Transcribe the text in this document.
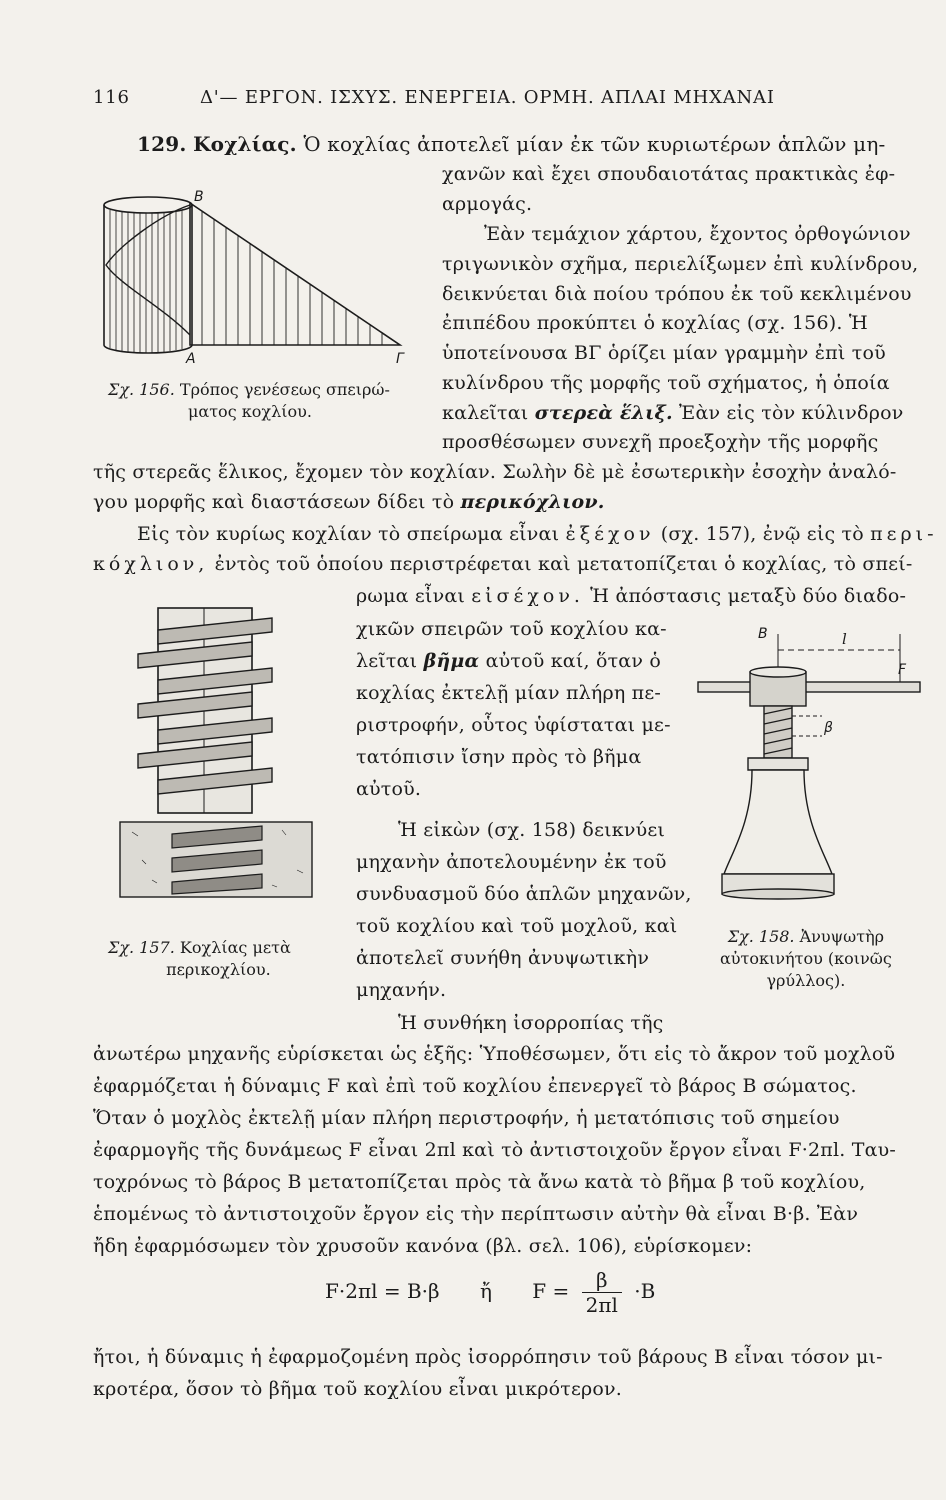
116	Δ'— ΕΡΓΟΝ. ΙΣΧΥΣ. ΕΝΕΡΓΕΙΑ. ΟΡΜΗ. ΑΠΛΑΙ ΜΗΧΑΝΑΙ
129. Κοχλίας. Ὁ κοχλίας ἀποτελεῖ μίαν ἐκ τῶν κυριωτέρων ἁπλῶν μη-
χανῶν καὶ ἔχει σπουδαιοτάτας πρακτικὰς ἐφ-
αρμογάς.
Ἐὰν τεμάχιον χάρτου, ἔχοντος ὀρθογώνιον
τριγωνικὸν σχῆμα, περιελίξωμεν ἐπὶ κυλίνδρου,
δεικνύεται διὰ ποίου τρόπου ἐκ τοῦ κεκλιμένου
ἐπιπέδου προκύπτει ὁ κοχλίας (σχ. 156). Ἡ
ὑποτείνουσα ΒΓ ὁρίζει μίαν γραμμὴν ἐπὶ τοῦ
κυλίνδρου τῆς μορφῆς τοῦ σχήματος, ἡ ὁποία
καλεῖται στερεὰ ἕλιξ. Ἐὰν εἰς τὸν κύλινδρον
προσθέσωμεν συνεχῆ προεξοχὴν τῆς μορφῆς
τῆς στερεᾶς ἕλικος, ἔχομεν τὸν κοχλίαν. Σωλὴν δὲ μὲ ἐσωτερικὴν ἐσοχὴν ἀναλό-
γου μορφῆς καὶ διαστάσεων δίδει τὸ περικόχλιον.
Εἰς τὸν κυρίως κοχλίαν τὸ σπείρωμα εἶναι ἐξέχον (σχ. 157), ἐνῷ εἰς τὸ περι-
κόχλιον, ἐντὸς τοῦ ὁποίου περιστρέφεται καὶ μετατοπίζεται ὁ κοχλίας, τὸ σπεί-
ρωμα εἶναι εἰσέχον. Ἡ ἀπόστασις μεταξὺ δύο διαδο-
χικῶν σπειρῶν τοῦ κοχλίου κα-
λεῖται βῆμα αὐτοῦ καί, ὅταν ὁ
κοχλίας ἐκτελῇ μίαν πλήρη πε-
ριστροφήν, οὗτος ὑφίσταται με-
τατόπισιν ἴσην πρὸς τὸ βῆμα
αὐτοῦ.
Ἡ εἰκὼν (σχ. 158) δεικνύει
μηχανὴν ἀποτελουμένην ἐκ τοῦ
συνδυασμοῦ δύο ἁπλῶν μηχανῶν,
τοῦ κοχλίου καὶ τοῦ μοχλοῦ, καὶ
ἀποτελεῖ συνήθη ἀνυψωτικὴν
μηχανήν.
Ἡ συνθήκη ἰσορροπίας τῆς
ἀνωτέρω μηχανῆς εὑρίσκεται ὡς ἑξῆς: Ὑποθέσωμεν, ὅτι εἰς τὸ ἄκρον τοῦ μοχλοῦ
ἐφαρμόζεται ἡ δύναμις F καὶ ἐπὶ τοῦ κοχλίου ἐπενεργεῖ τὸ βάρος Β σώματος.
Ὅταν ὁ μοχλὸς ἐκτελῇ μίαν πλήρη περιστροφήν, ἡ μετατόπισις τοῦ σημείου
ἐφαρμογῆς τῆς δυνάμεως F εἶναι 2πl καὶ τὸ ἀντιστοιχοῦν ἔργον εἶναι F·2πl. Ταυ-
τοχρόνως τὸ βάρος Β μετατοπίζεται πρὸς τὰ ἄνω κατὰ τὸ βῆμα β τοῦ κοχλίου,
ἑπομένως τὸ ἀντιστοιχοῦν ἔργον εἰς τὴν περίπτωσιν αὐτὴν θὰ εἶναι Β·β. Ἐὰν
ἤδη ἐφαρμόσωμεν τὸν χρυσοῦν κανόνα (βλ. σελ. 106), εὑρίσκομεν:
F·2πl = Β·β ἤ $F = \frac{\beta}{2\pi l} \cdot B$
ἤτοι, ἡ δύναμις ἡ ἐφαρμοζομένη πρὸς ἰσορρόπησιν τοῦ βάρους Β εἶναι τόσον μι-
κροτέρα, ὅσον τὸ βῆμα τοῦ κοχλίου εἶναι μικρότερον.
Β
Α	Γ
Σχ. 156. Τρόπος γενέσεως σπειρώ-
ματος κοχλίου.
Σχ. 157. Κοχλίας μετὰ
περικοχλίου.
Β	l
F
β
Σχ. 158. Ἀνυψωτὴρ
αὐτοκινήτου (κοινῶς
γρύλλος).
